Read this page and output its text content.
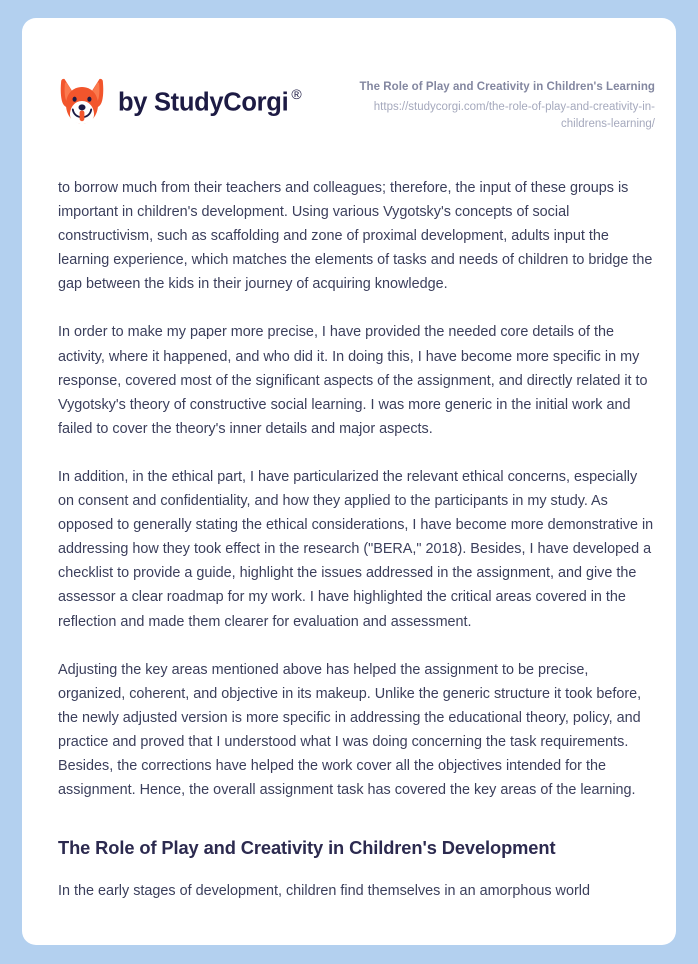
by StudyCorgi ®	The Role of Play and Creativity in Children's Learning
https://studycorgi.com/the-role-of-play-and-creativity-in-childrens-learning/

to borrow much from their teachers and colleagues; therefore, the input of these groups is important in children's development. Using various Vygotsky's concepts of social constructivism, such as scaffolding and zone of proximal development, adults input the learning experience, which matches the elements of tasks and needs of children to bridge the gap between the kids in their journey of acquiring knowledge.

In order to make my paper more precise, I have provided the needed core details of the activity, where it happened, and who did it. In doing this, I have become more specific in my response, covered most of the significant aspects of the assignment, and directly related it to Vygotsky's theory of constructive social learning. I was more generic in the initial work and failed to cover the theory's inner details and major aspects.

In addition, in the ethical part, I have particularized the relevant ethical concerns, especially on consent and confidentiality, and how they applied to the participants in my study. As opposed to generally stating the ethical considerations, I have become more demonstrative in addressing how they took effect in the research ("BERA," 2018). Besides, I have developed a checklist to provide a guide, highlight the issues addressed in the assignment, and give the assessor a clear roadmap for my work. I have highlighted the critical areas covered in the reflection and made them clearer for evaluation and assessment.

Adjusting the key areas mentioned above has helped the assignment to be precise, organized, coherent, and objective in its makeup. Unlike the generic structure it took before, the newly adjusted version is more specific in addressing the educational theory, policy, and practice and proved that I understood what I was doing concerning the task requirements. Besides, the corrections have helped the work cover all the objectives intended for the assignment. Hence, the overall assignment task has covered the key areas of the learning.

The Role of Play and Creativity in Children's Development

In the early stages of development, children find themselves in an amorphous world
